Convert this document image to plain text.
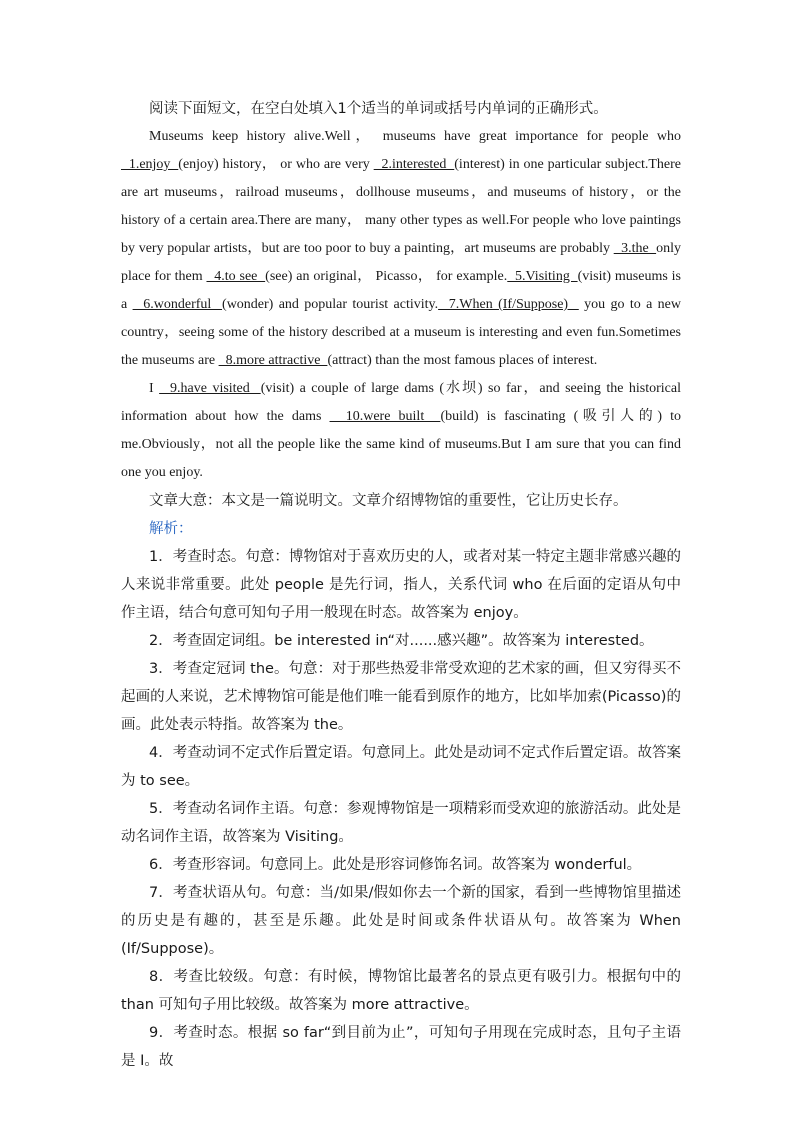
阅读下面短文，在空白处填入1个适当的单词或括号内单词的正确形式。

Museums keep history alive.Well， museums have great importance for people who   1.enjoy  (enjoy) history， or who are very   2.interested  (interest) in one particular subject.There are art museums，railroad museums，dollhouse museums，and museums of history，or the history of a certain area.There are many， many other types as well.For people who love paintings by very popular artists，but are too poor to buy a painting，art museums are probably   3.the  only place for them   4.to see  (see) an original， Picasso， for example.  5.Visiting  (visit) museums is a   6.wonderful  (wonder) and popular tourist activity.  7.When (If/Suppose)   you go to a new country，seeing some of the history described at a museum is interesting and even fun.Sometimes the museums are   8.more attractive  (attract) than the most famous places of interest.

I   9.have visited  (visit) a couple of large dams (水坝) so far，and seeing the historical information about how the dams   10.were built  (build) is fascinating (吸引人的) to me.Obviously，not all the people like the same kind of museums.But I am sure that you can find one you enjoy.

文章大意：本文是一篇说明文。文章介绍博物馆的重要性，它让历史长存。

解析：

1．考查时态。句意：博物馆对于喜欢历史的人，或者对某一特定主题非常感兴趣的人来说非常重要。此处 people 是先行词，指人，关系代词 who 在后面的定语从句中作主语，结合句意可知句子用一般现在时态。故答案为 enjoy。

2．考查固定词组。be interested in“对......感兴趣”。故答案为 interested。

3．考查定冠词 the。句意：对于那些热爱非常受欢迎的艺术家的画，但又穷得买不起画的人来说，艺术博物馆可能是他们唯一能看到原作的地方，比如毕加索(Picasso)的画。此处表示特指。故答案为 the。

4．考查动词不定式作后置定语。句意同上。此处是动词不定式作后置定语。故答案为 to see。

5．考查动名词作主语。句意：参观博物馆是一项精彩而受欢迎的旅游活动。此处是动名词作主语，故答案为 Visiting。

6．考查形容词。句意同上。此处是形容词修饰名词。故答案为 wonderful。

7．考查状语从句。句意：当/如果/假如你去一个新的国家，看到一些博物馆里描述的历史是有趣的，甚至是乐趣。此处是时间或条件状语从句。故答案为 When (If/Suppose)。

8．考查比较级。句意：有时候，博物馆比最著名的景点更有吸引力。根据句中的 than 可知句子用比较级。故答案为 more attractive。

9．考查时态。根据 so far“到目前为止”，可知句子用现在完成时态，且句子主语是 I。故
